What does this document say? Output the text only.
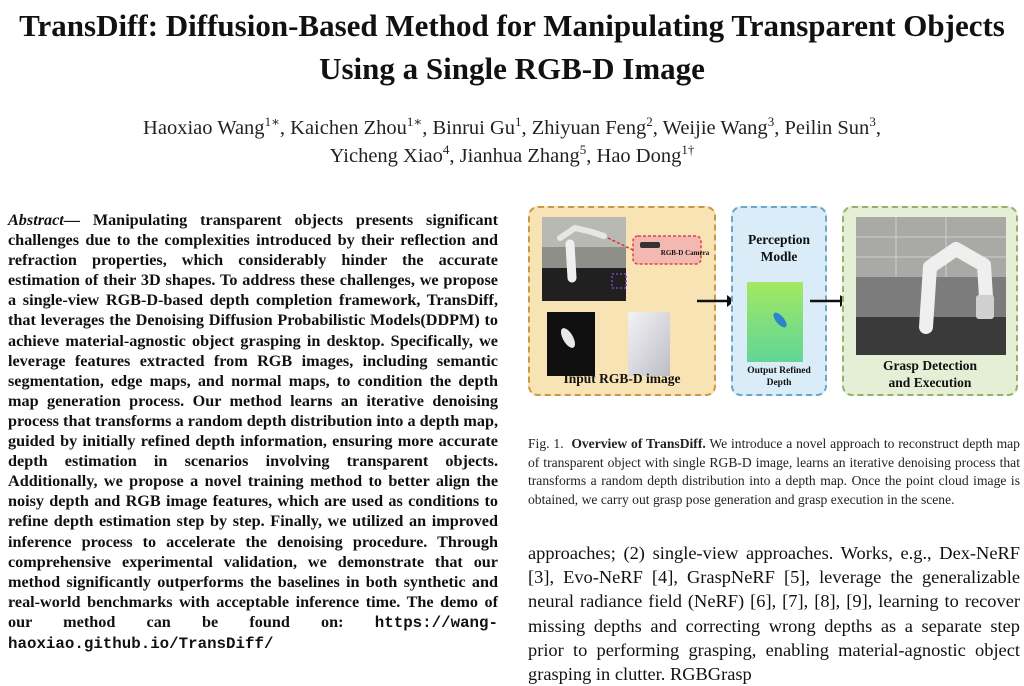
TransDiff: Diffusion-Based Method for Manipulating Transparent Objects Using a Single RGB-D Image
Haoxiao Wang$^{1∗}$, Kaichen Zhou$^{1∗}$, Binrui Gu$^1$, Zhiyuan Feng$^2$, Weijie Wang$^3$, Peilin Sun$^3$,
Yicheng Xiao$^4$, Jianhua Zhang$^5$, Hao Dong$^{1\dagger}$
Abstract— Manipulating transparent objects presents significant challenges due to the complexities introduced by their reflection and refraction properties, which considerably hinder the accurate estimation of their 3D shapes. To address these challenges, we propose a single-view RGB-D-based depth completion framework, TransDiff, that leverages the Denoising Diffusion Probabilistic Models(DDPM) to achieve material-agnostic object grasping in desktop. Specifically, we leverage features extracted from RGB images, including semantic segmentation, edge maps, and normal maps, to condition the depth map generation process. Our method learns an iterative denoising process that transforms a random depth distribution into a depth map, guided by initially refined depth information, ensuring more accurate depth estimation in scenarios involving transparent objects. Additionally, we propose a novel training method to better align the noisy depth and RGB image features, which are used as conditions to refine depth estimation step by step. Finally, we utilized an improved inference process to accelerate the denoising procedure. Through comprehensive experimental validation, we demonstrate that our method significantly outperforms the baselines in both synthetic and real-world benchmarks with acceptable inference time. The demo of our method can be found on: https://wang-haoxiao.github.io/TransDiff/
RGB-D Camera
Input RGB-D image
Perception Modle
Output Refined Depth
Grasp Detection and Execution
Fig. 1. Overview of TransDiff. We introduce a novel approach to reconstruct depth map of transparent object with single RGB-D image, learns an iterative denoising process that transforms a random depth distribution into a depth map. Once the point cloud image is obtained, we carry out grasp pose generation and grasp execution in the scene.
approaches; (2) single-view approaches. Works, e.g., Dex-NeRF [3], Evo-NeRF [4], GraspNeRF [5], leverage the generalizable neural radiance field (NeRF) [6], [7], [8], [9], learning to recover missing depths and correcting wrong depths as a separate step prior to performing grasping, enabling material-agnostic object grasping in clutter. RGBGrasp
